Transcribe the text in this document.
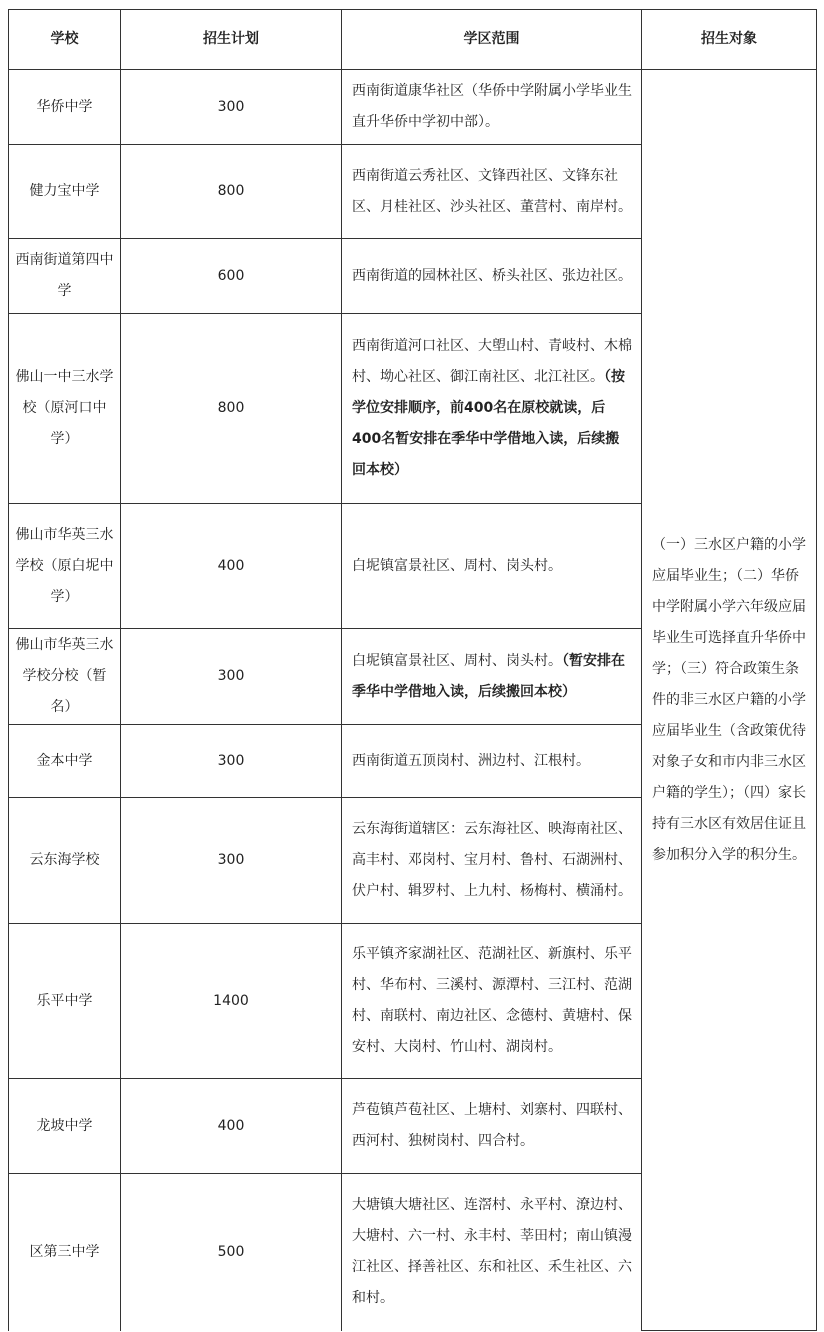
学校	招生计划	学区范围	招生对象
华侨中学	300	西南街道康华社区（华侨中学附属小学毕业生直升华侨中学初中部）。	（一）三水区户籍的小学应届毕业生；（二）华侨中学附属小学六年级应届毕业生可选择直升华侨中学；（三）符合政策生条件的非三水区户籍的小学应届毕业生（含政策优待对象子女和市内非三水区户籍的学生）；（四）家长持有三水区有效居住证且参加积分入学的积分生。
健力宝中学	800	西南街道云秀社区、文锋西社区、文锋东社区、月桂社区、沙头社区、董营村、南岸村。	
西南街道第四中学	600	西南街道的园林社区、桥头社区、张边社区。	
佛山一中三水学校（原河口中学）	800	西南街道河口社区、大塱山村、青岐村、木棉村、坳心社区、御江南社区、北江社区。（按学位安排顺序，前400名在原校就读，后400名暂安排在季华中学借地入读，后续搬回本校）	
佛山市华英三水学校（原白坭中学）	400	白坭镇富景社区、周村、岗头村。	
佛山市华英三水学校分校（暂名）	300	白坭镇富景社区、周村、岗头村。（暂安排在季华中学借地入读，后续搬回本校）	
金本中学	300	西南街道五顶岗村、洲边村、江根村。	
云东海学校	300	云东海街道辖区：云东海社区、映海南社区、高丰村、邓岗村、宝月村、鲁村、石湖洲村、伏户村、辑罗村、上九村、杨梅村、横涌村。	
乐平中学	1400	乐平镇齐家湖社区、范湖社区、新旗村、乐平村、华布村、三溪村、源潭村、三江村、范湖村、南联村、南边社区、念德村、黄塘村、保安村、大岗村、竹山村、湖岗村。	
龙坡中学	400	芦苞镇芦苞社区、上塘村、刘寨村、四联村、西河村、独树岗村、四合村。	
区第三中学	500	大塘镇大塘社区、连滘村、永平村、潦边村、大塘村、六一村、永丰村、莘田村；南山镇漫江社区、择善社区、东和社区、禾生社区、六和村。	
